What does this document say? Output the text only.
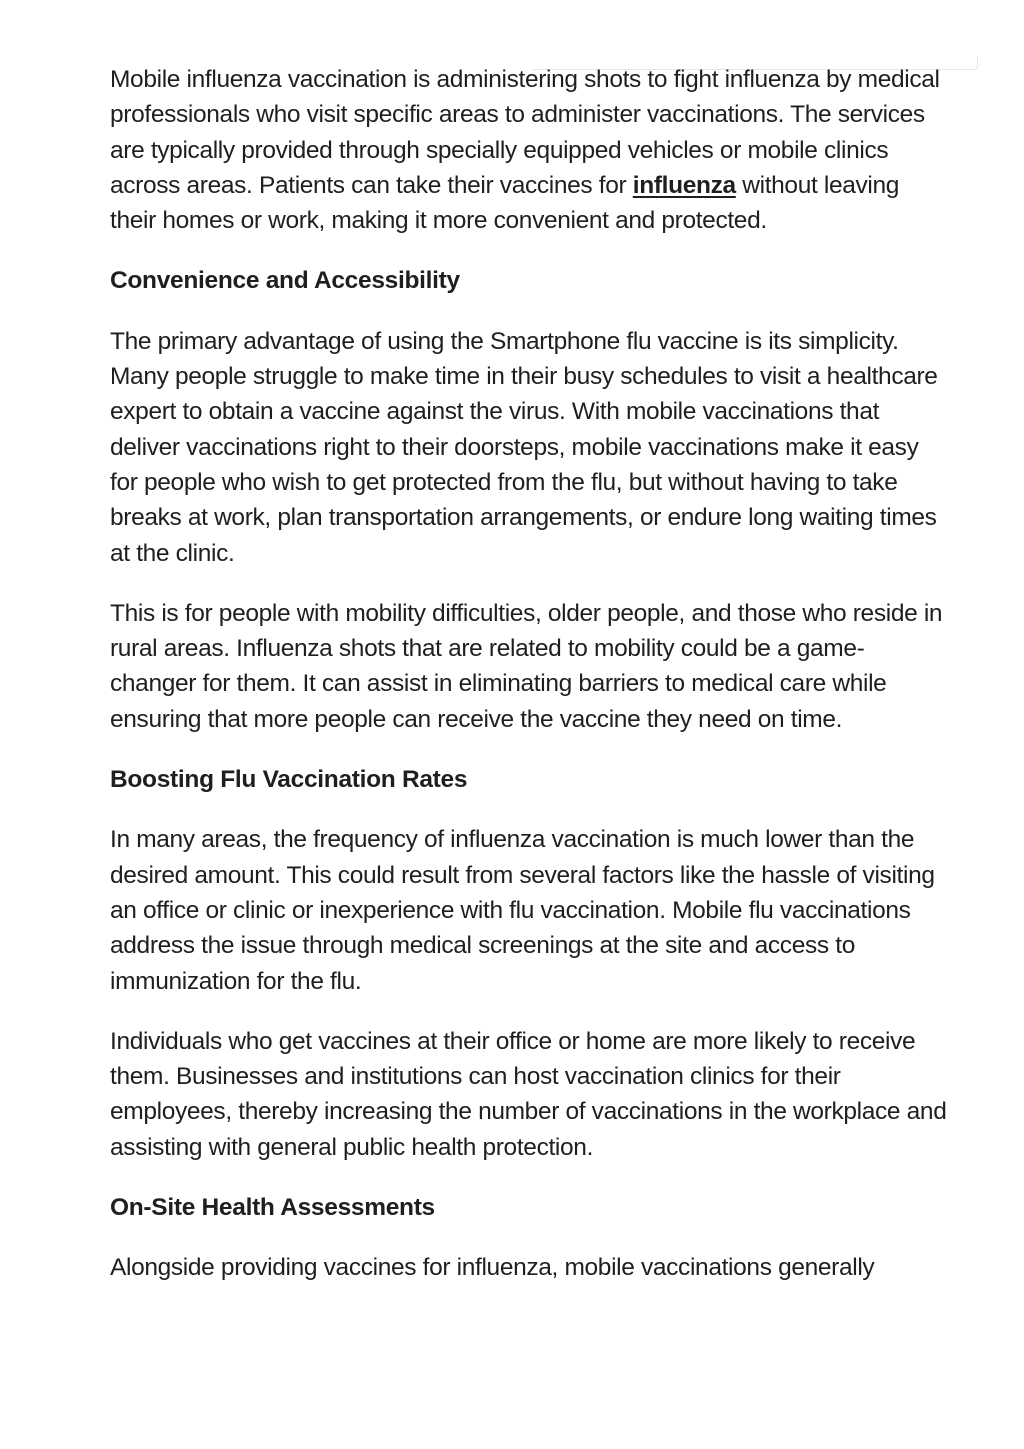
Mobile influenza vaccination is administering shots to fight influenza by medical professionals who visit specific areas to administer vaccinations. The services are typically provided through specially equipped vehicles or mobile clinics across areas. Patients can take their vaccines for influenza without leaving their homes or work, making it more convenient and protected.

Convenience and Accessibility

The primary advantage of using the Smartphone flu vaccine is its simplicity. Many people struggle to make time in their busy schedules to visit a healthcare expert to obtain a vaccine against the virus. With mobile vaccinations that deliver vaccinations right to their doorsteps, mobile vaccinations make it easy for people who wish to get protected from the flu, but without having to take breaks at work, plan transportation arrangements, or endure long waiting times at the clinic.

This is for people with mobility difficulties, older people, and those who reside in rural areas. Influenza shots that are related to mobility could be a game-changer for them. It can assist in eliminating barriers to medical care while ensuring that more people can receive the vaccine they need on time.

Boosting Flu Vaccination Rates

In many areas, the frequency of influenza vaccination is much lower than the desired amount. This could result from several factors like the hassle of visiting an office or clinic or inexperience with flu vaccination. Mobile flu vaccinations address the issue through medical screenings at the site and access to immunization for the flu.

Individuals who get vaccines at their office or home are more likely to receive them. Businesses and institutions can host vaccination clinics for their employees, thereby increasing the number of vaccinations in the workplace and assisting with general public health protection.

On-Site Health Assessments

Alongside providing vaccines for influenza, mobile vaccinations generally
